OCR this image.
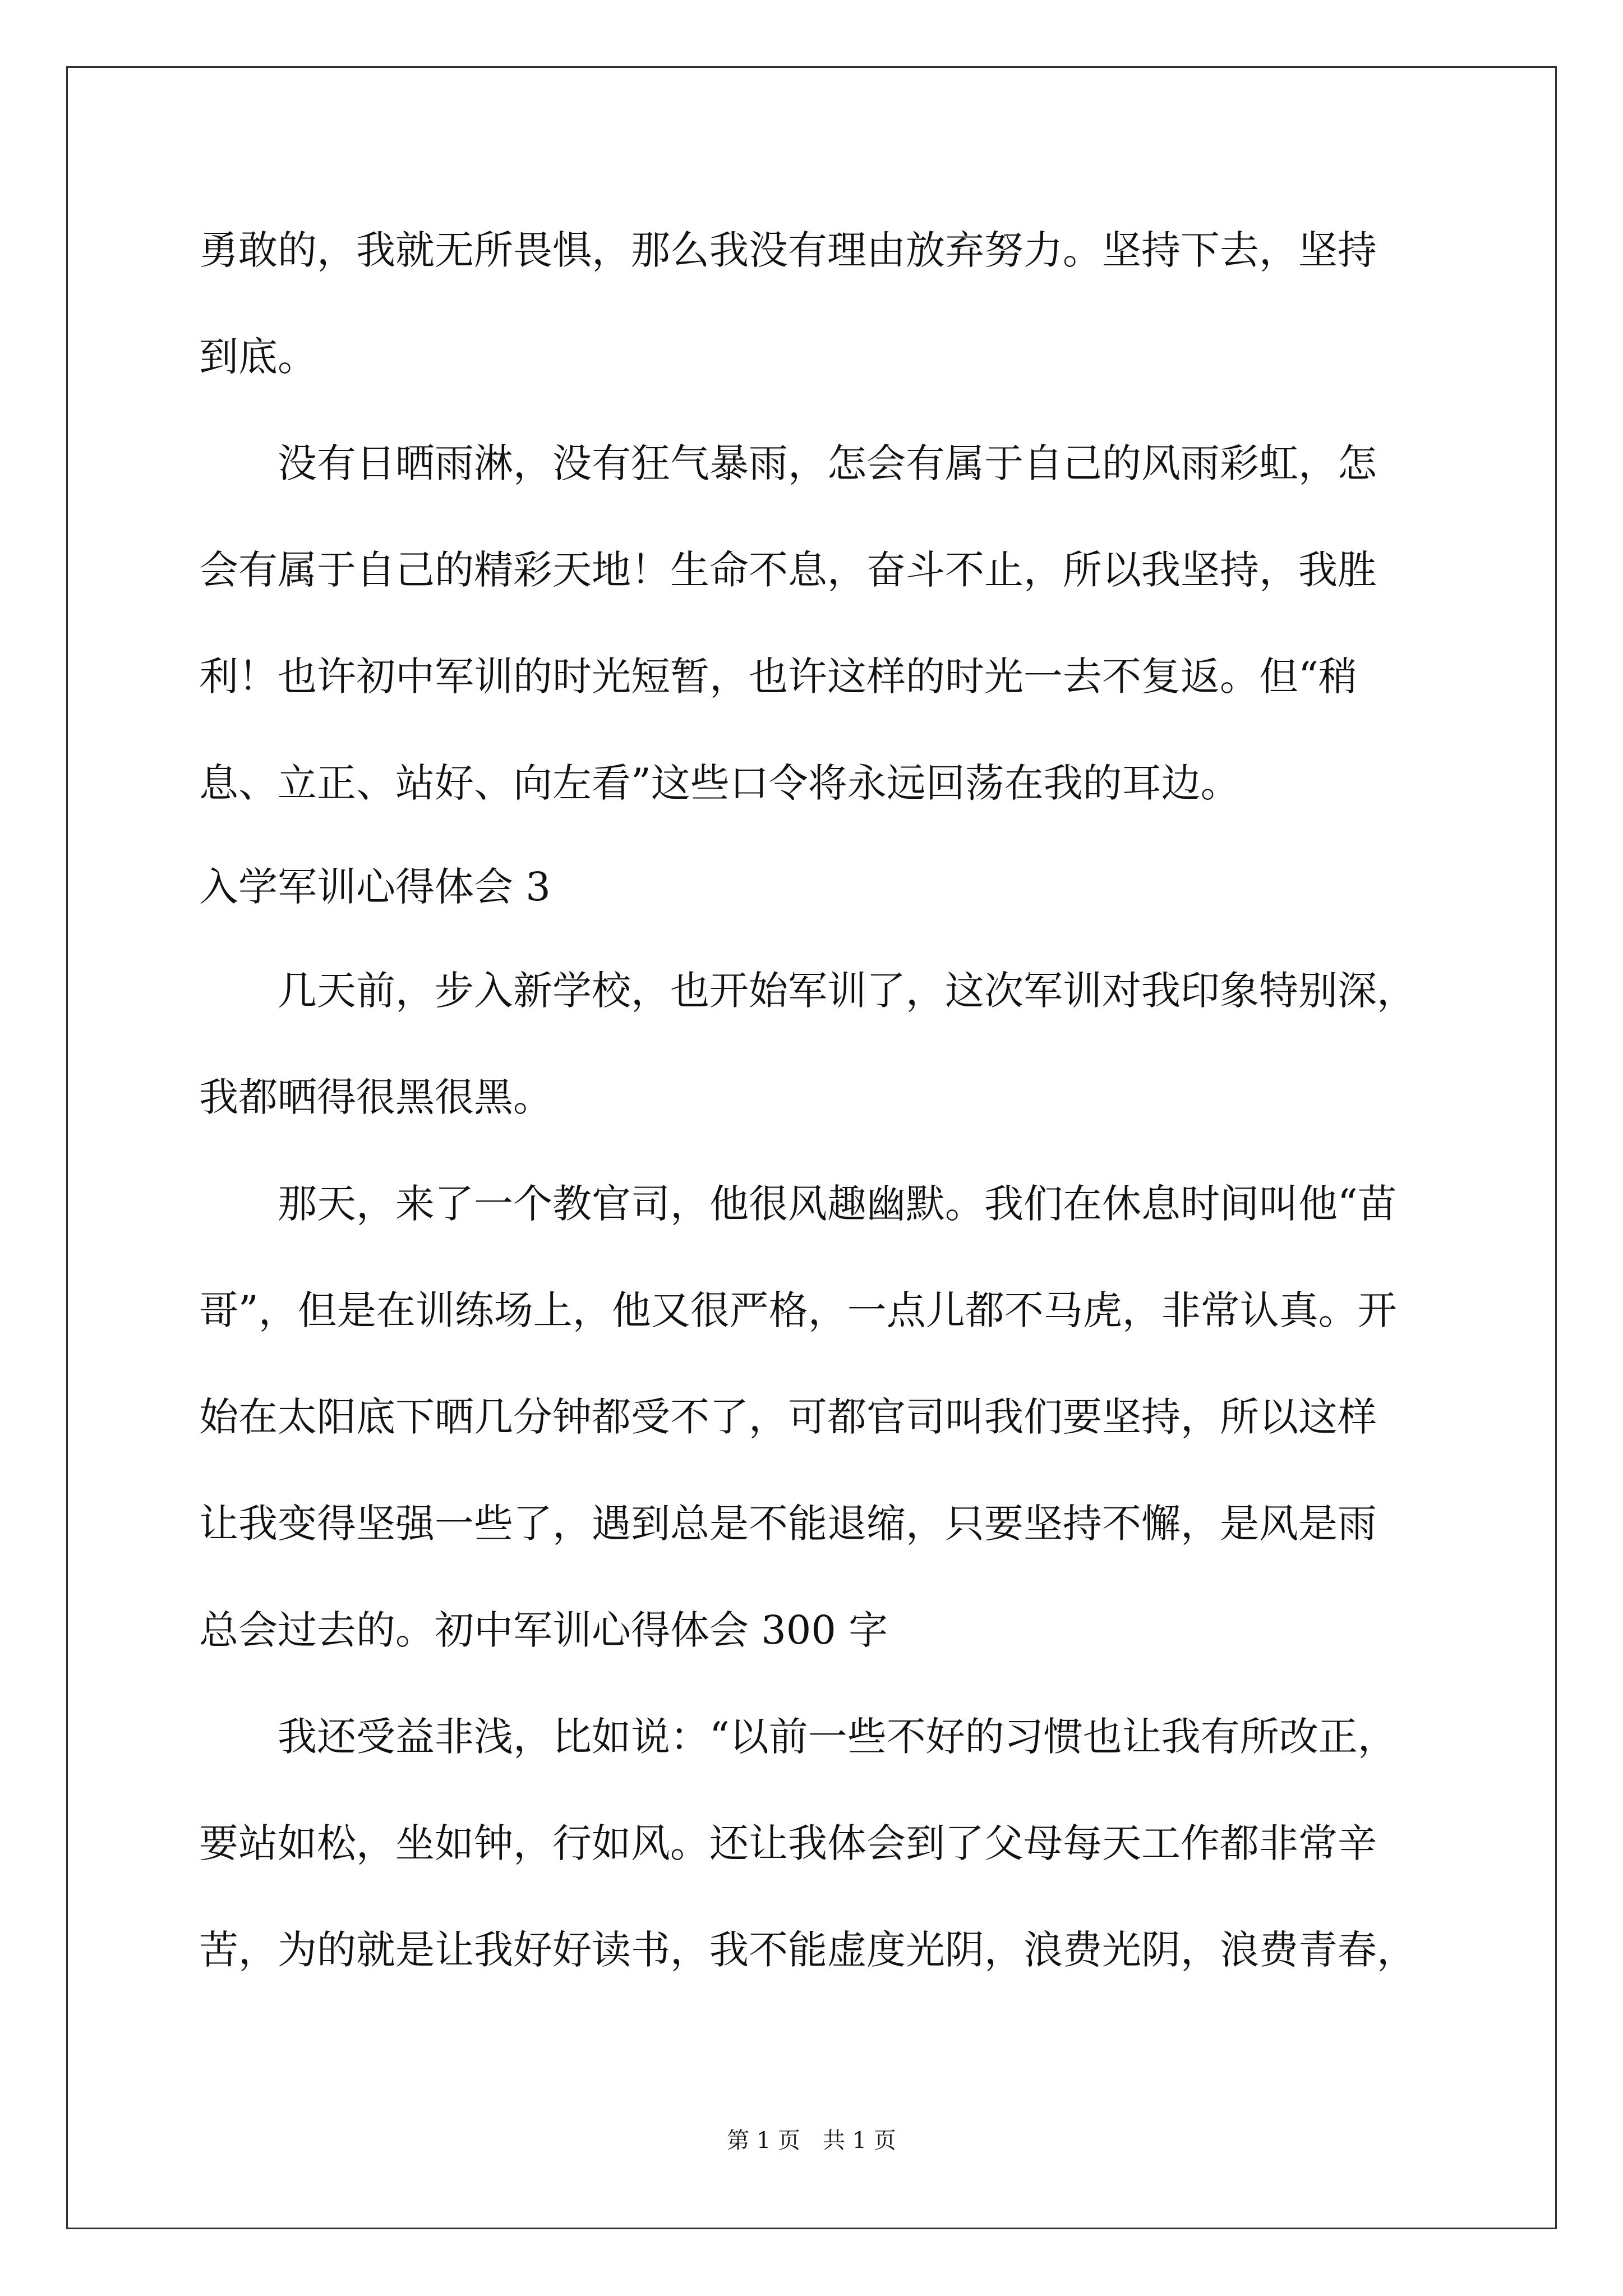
勇敢的，我就无所畏惧，那么我没有理由放弃努力。坚持下去，坚持
到底。
　　没有日晒雨淋，没有狂气暴雨，怎会有属于自己的风雨彩虹，怎
会有属于自己的精彩天地！生命不息，奋斗不止，所以我坚持，我胜
利！也许初中军训的时光短暂，也许这样的时光一去不复返。但“稍
息、立正、站好、向左看”这些口令将永远回荡在我的耳边。
入学军训心得体会 3
　　几天前，步入新学校，也开始军训了，这次军训对我印象特别深，
我都晒得很黑很黑。
　　那天，来了一个教官司，他很风趣幽默。我们在休息时间叫他“苗
哥”，但是在训练场上，他又很严格，一点儿都不马虎，非常认真。开
始在太阳底下晒几分钟都受不了，可都官司叫我们要坚持，所以这样
让我变得坚强一些了，遇到总是不能退缩，只要坚持不懈，是风是雨
总会过去的。初中军训心得体会 300 字
　　我还受益非浅，比如说：“以前一些不好的习惯也让我有所改正，
要站如松，坐如钟，行如风。还让我体会到了父母每天工作都非常辛
苦，为的就是让我好好读书，我不能虚度光阴，浪费光阴，浪费青春，
第 1 页　共 1 页
